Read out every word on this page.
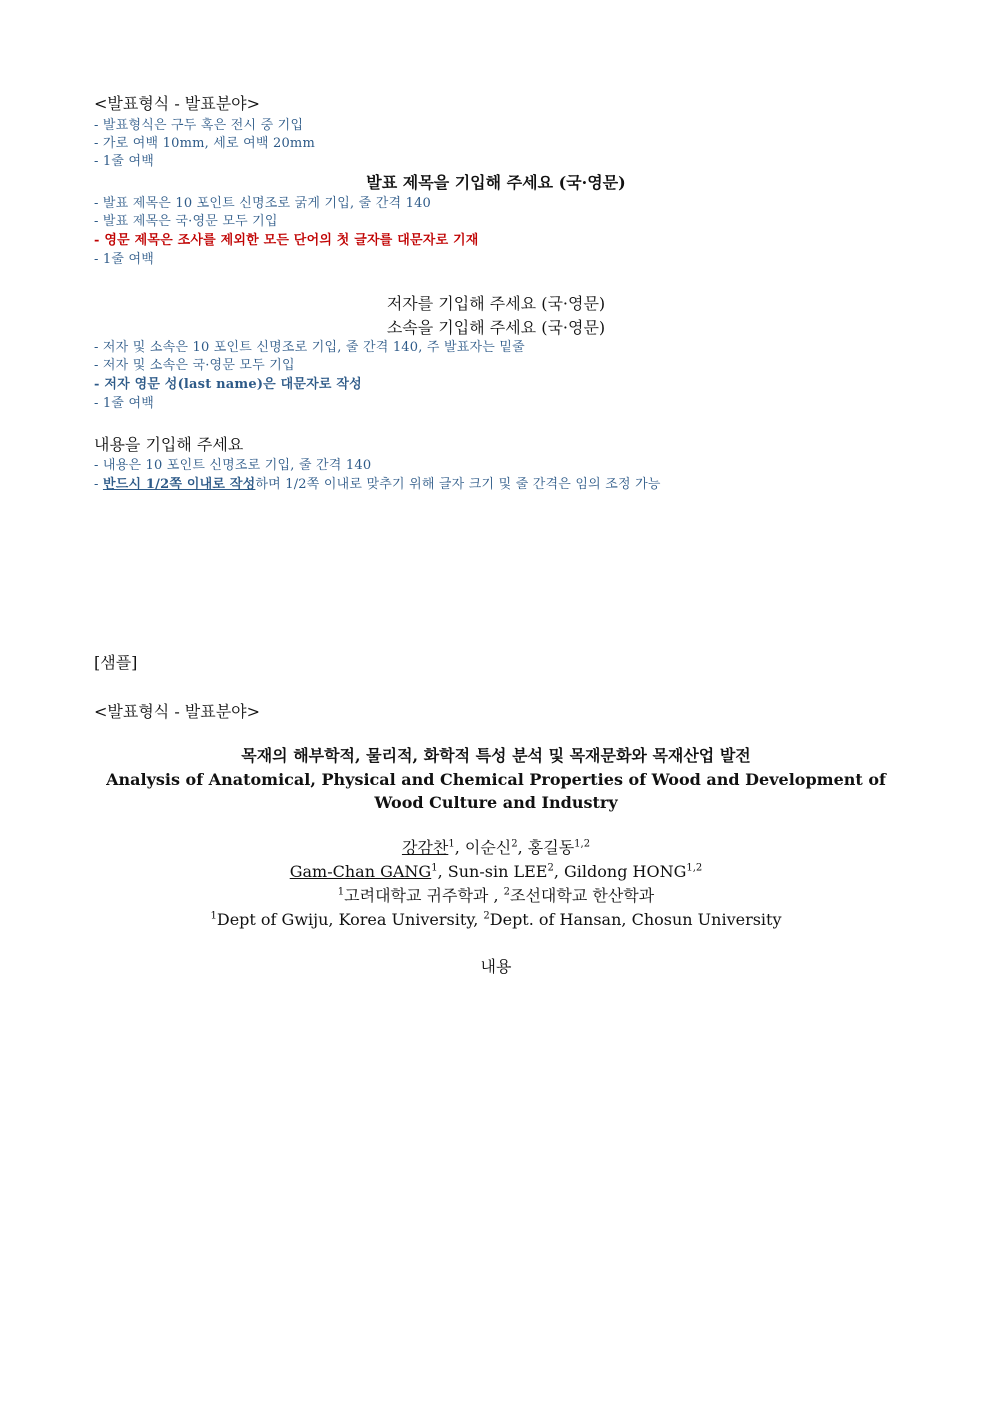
<발표형식 - 발표분야>
- 발표형식은 구두 혹은 전시 중 기입
- 가로 여백 10mm, 세로 여백 20mm
- 1줄 여백
발표 제목을 기입해 주세요 (국·영문)
- 발표 제목은 10 포인트 신명조로 굵게 기입, 줄 간격 140
- 발표 제목은 국·영문 모두 기입
- 영문 제목은 조사를 제외한 모든 단어의 첫 글자를 대문자로 기재
- 1줄 여백
저자를 기입해 주세요 (국·영문)
소속을 기입해 주세요 (국·영문)
- 저자 및 소속은 10 포인트 신명조로 기입, 줄 간격 140, 주 발표자는 밑줄
- 저자 및 소속은 국·영문 모두 기입
- 저자 영문 성(last name)은 대문자로 작성
- 1줄 여백
내용을 기입해 주세요
- 내용은 10 포인트 신명조로 기입, 줄 간격 140
- 반드시 1/2쪽 이내로 작성하며 1/2쪽 이내로 맞추기 위해 글자 크기 및 줄 간격은 임의 조정 가능
[샘플]
<발표형식 - 발표분야>
목재의 해부학적, 물리적, 화학적 특성 분석 및 목재문화와 목재산업 발전
Analysis of Anatomical, Physical and Chemical Properties of Wood and Development of
Wood Culture and Industry
강감찬$^1$, 이순신$^2$, 홍길동$^{1,2}$
Gam-Chan GANG$^1$, Sun-sin LEE$^2$, Gildong HONG$^{1,2}$
$^1$고려대학교 귀주학과 , $^2$조선대학교 한산학과
$^1$Dept of Gwiju, Korea University, $^2$Dept. of Hansan, Chosun University
내용
